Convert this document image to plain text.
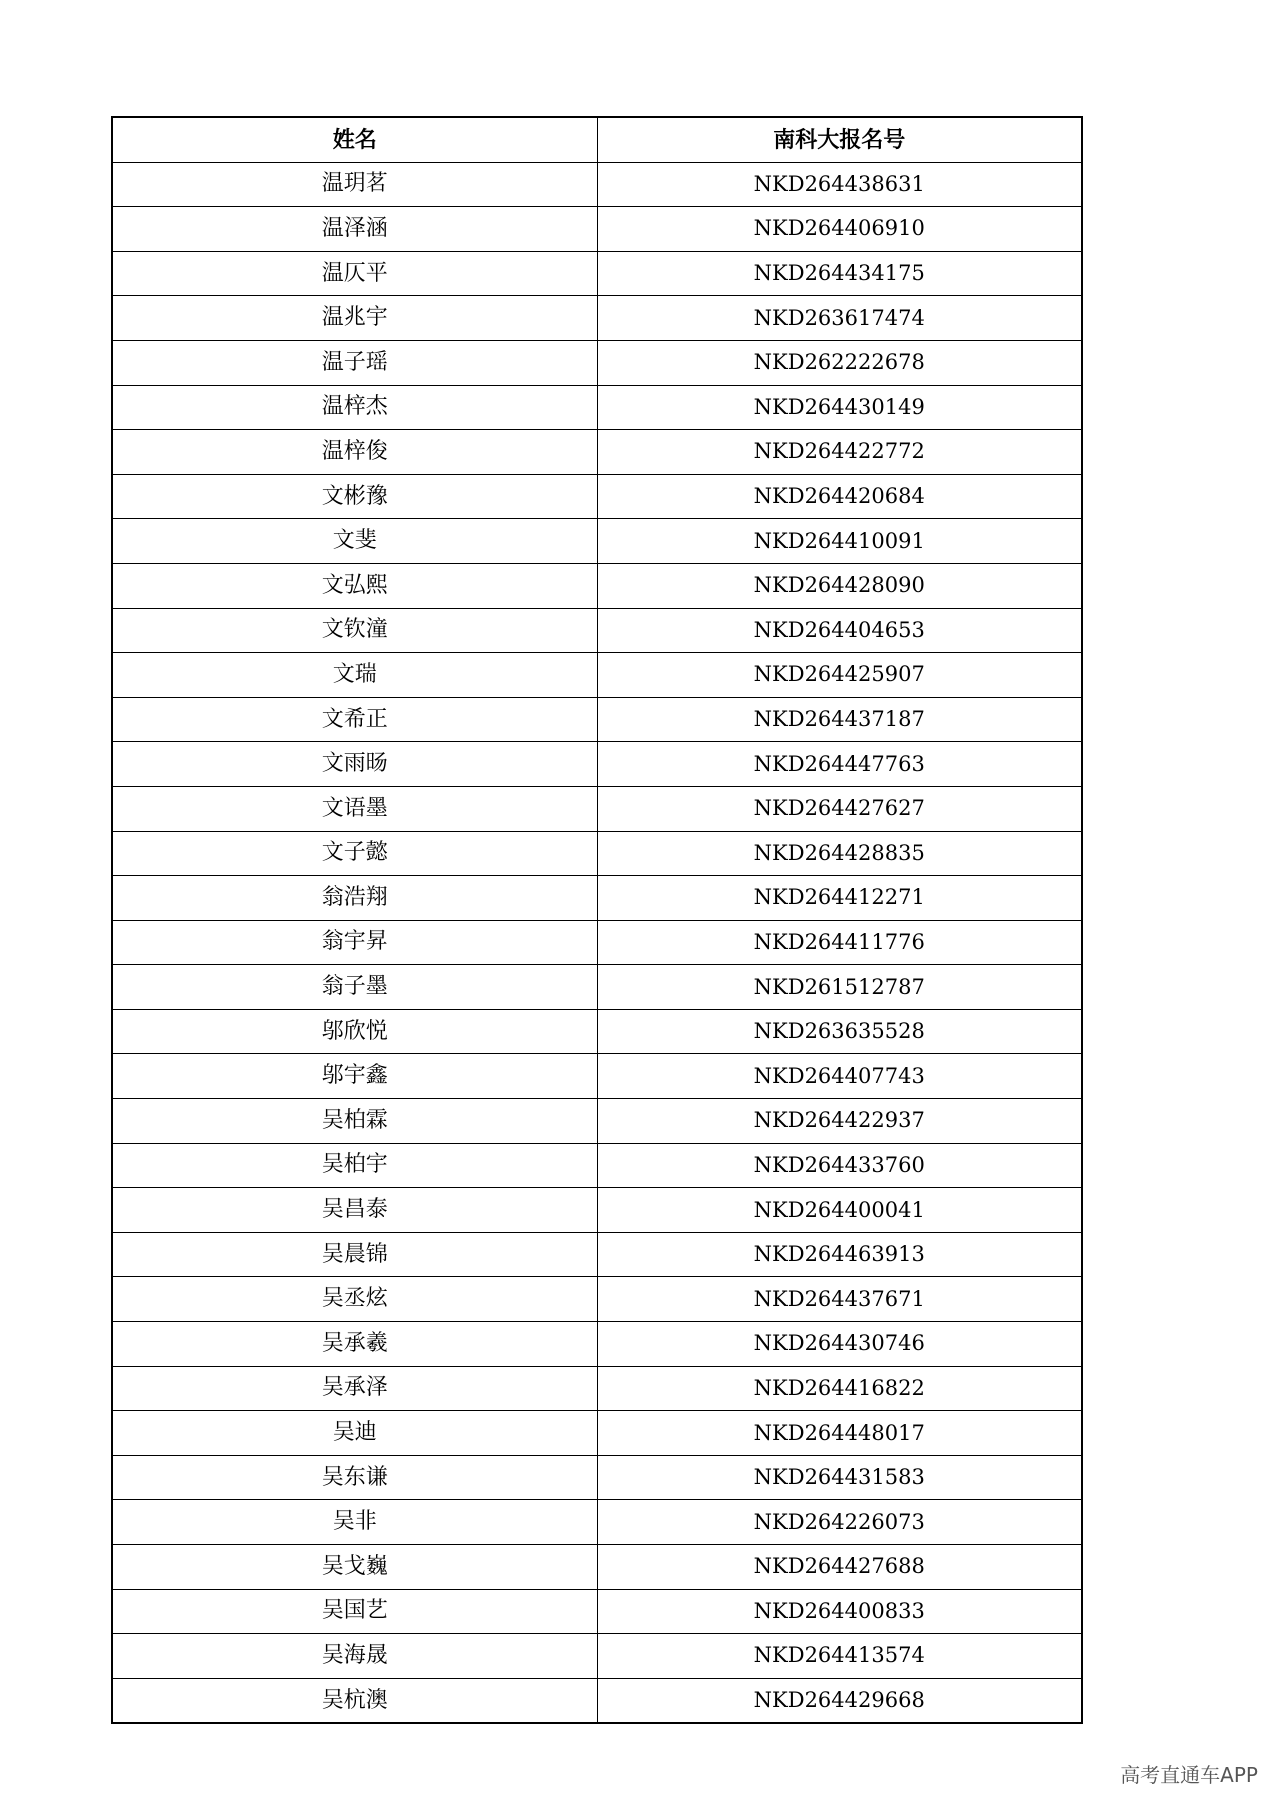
姓名	南科大报名号
温玥茗	NKD264438631
温泽涵	NKD264406910
温仄平	NKD264434175
温兆宇	NKD263617474
温子瑶	NKD262222678
温梓杰	NKD264430149
温梓俊	NKD264422772
文彬豫	NKD264420684
文斐	NKD264410091
文弘熙	NKD264428090
文钦潼	NKD264404653
文瑞	NKD264425907
文希正	NKD264437187
文雨旸	NKD264447763
文语墨	NKD264427627
文子懿	NKD264428835
翁浩翔	NKD264412271
翁宇昇	NKD264411776
翁子墨	NKD261512787
邬欣悦	NKD263635528
邬宇鑫	NKD264407743
吴柏霖	NKD264422937
吴柏宇	NKD264433760
吴昌泰	NKD264400041
吴晨锦	NKD264463913
吴丞炫	NKD264437671
吴承羲	NKD264430746
吴承泽	NKD264416822
吴迪	NKD264448017
吴东谦	NKD264431583
吴非	NKD264226073
吴戈巍	NKD264427688
吴国艺	NKD264400833
吴海晟	NKD264413574
吴杭澳	NKD264429668
高考直通车APP
